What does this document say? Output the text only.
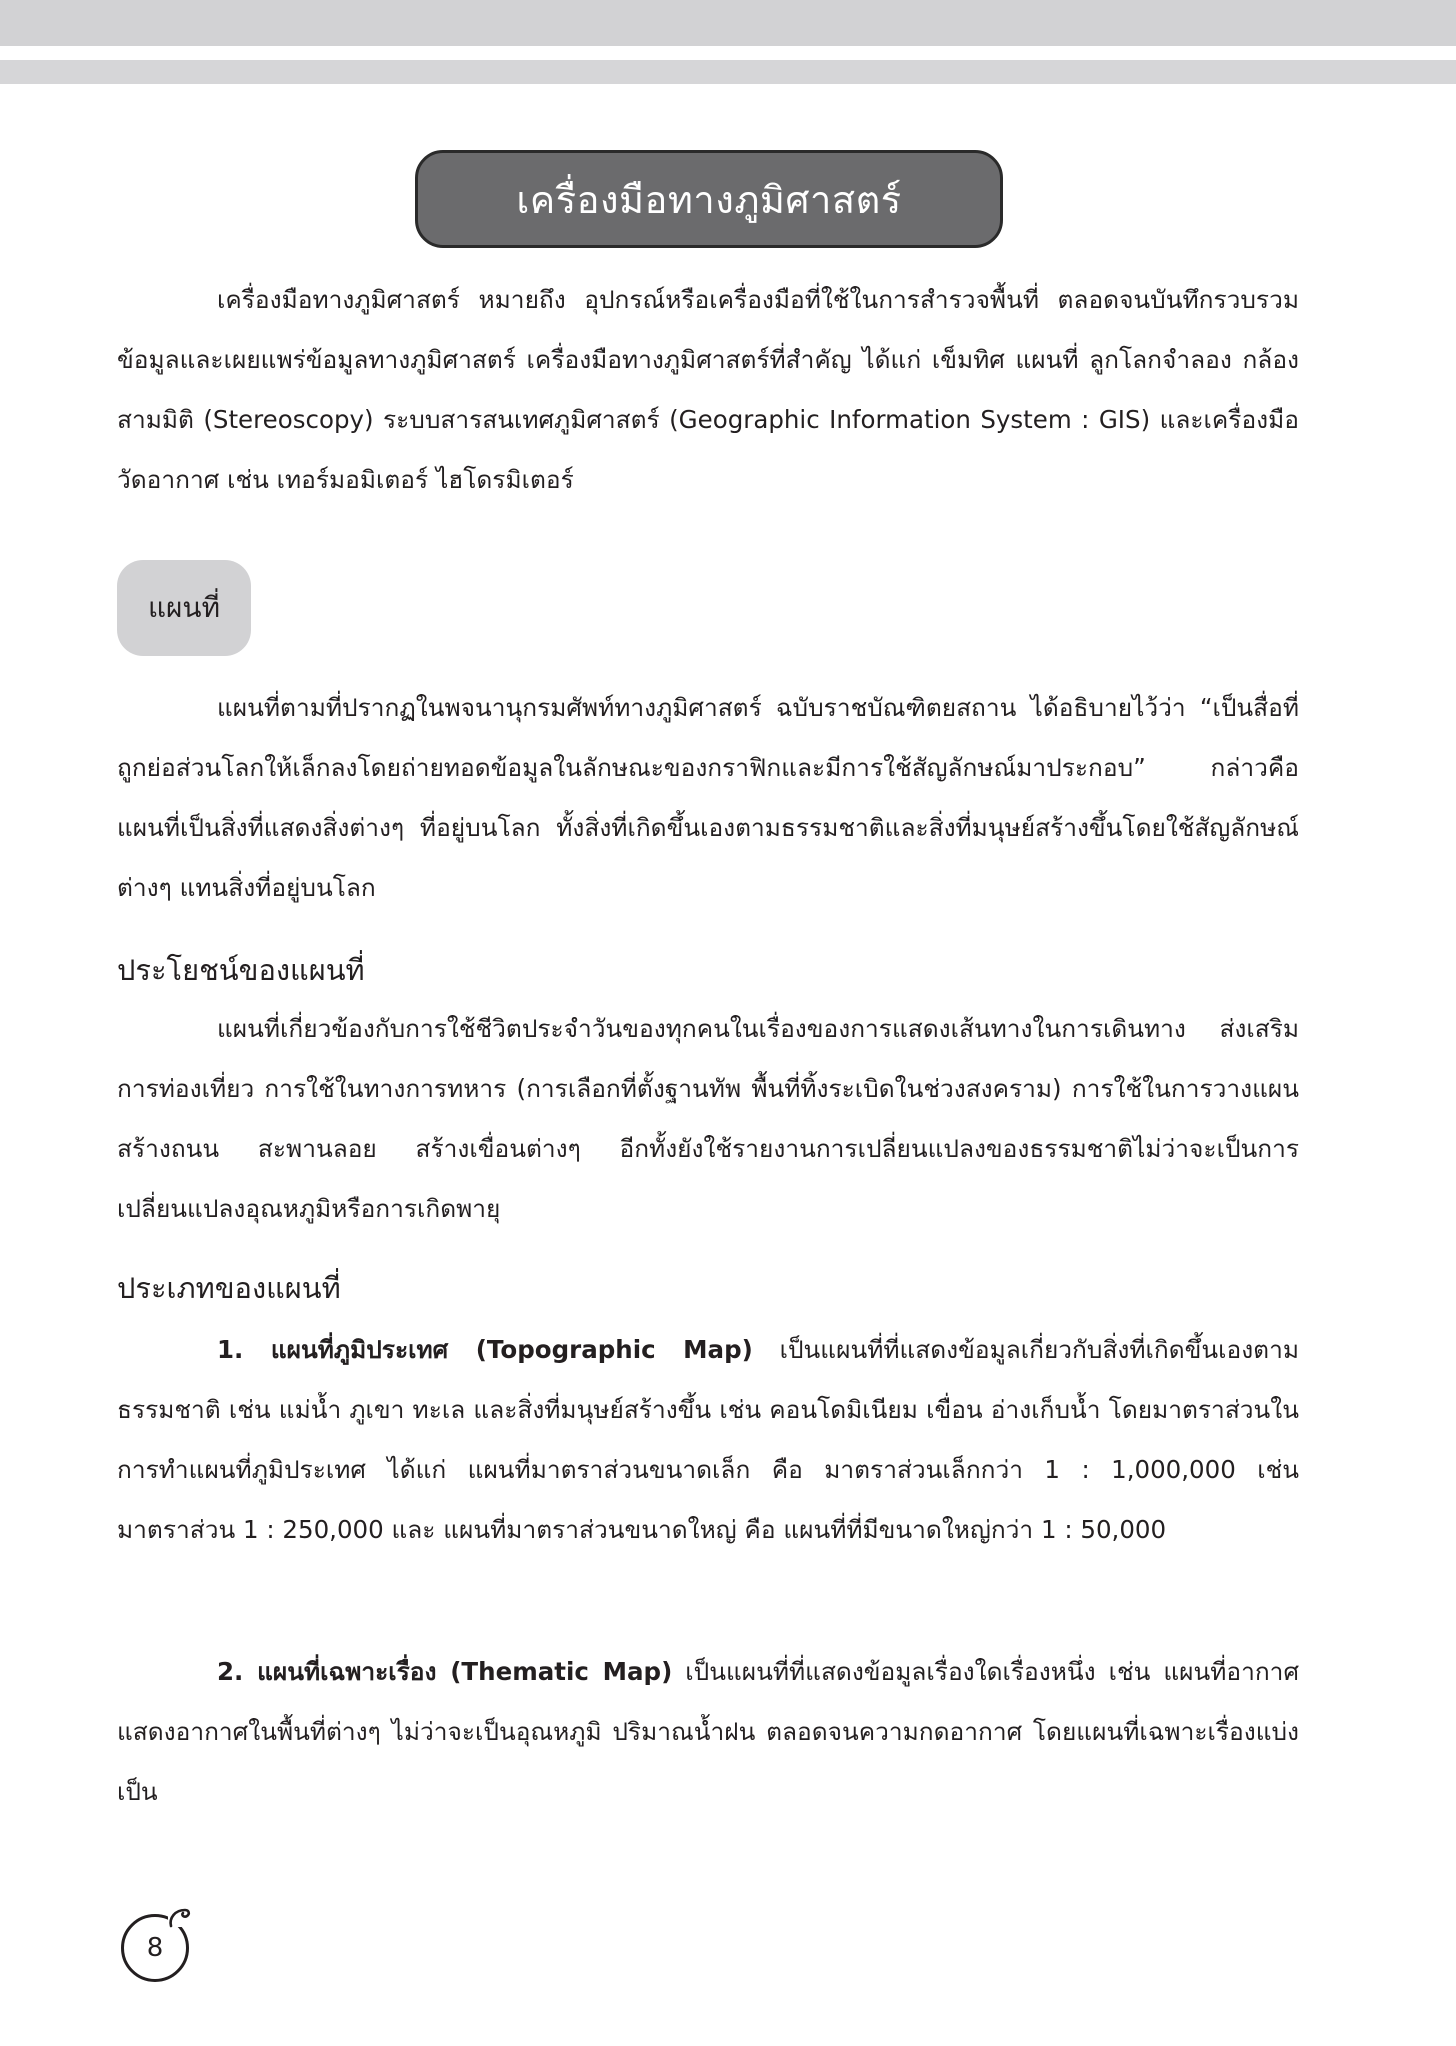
เครื่องมือทางภูมิศาสตร์

เครื่องมือทางภูมิศาสตร์ หมายถึง อุปกรณ์หรือเครื่องมือที่ใช้ในการสำรวจพื้นที่ ตลอดจนบันทึกรวบรวมข้อมูลและเผยแพร่ข้อมูลทางภูมิศาสตร์ เครื่องมือทางภูมิศาสตร์ที่สำคัญ ได้แก่ เข็มทิศ แผนที่ ลูกโลกจำลอง กล้องสามมิติ (Stereoscopy) ระบบสารสนเทศภูมิศาสตร์ (Geographic Information System : GIS) และเครื่องมือวัดอากาศ เช่น เทอร์มอมิเตอร์ ไฮโดรมิเตอร์

แผนที่

แผนที่ตามที่ปรากฏในพจนานุกรมศัพท์ทางภูมิศาสตร์ ฉบับราชบัณฑิตยสถาน ได้อธิบายไว้ว่า “เป็นสื่อที่ถูกย่อส่วนโลกให้เล็กลงโดยถ่ายทอดข้อมูลในลักษณะของกราฟิกและมีการใช้สัญลักษณ์มาประกอบ” กล่าวคือ แผนที่เป็นสิ่งที่แสดงสิ่งต่างๆ ที่อยู่บนโลก ทั้งสิ่งที่เกิดขึ้นเองตามธรรมชาติและสิ่งที่มนุษย์สร้างขึ้นโดยใช้สัญลักษณ์ต่างๆ แทนสิ่งที่อยู่บนโลก

ประโยชน์ของแผนที่

แผนที่เกี่ยวข้องกับการใช้ชีวิตประจำวันของทุกคนในเรื่องของการแสดงเส้นทางในการเดินทาง ส่งเสริมการท่องเที่ยว การใช้ในทางการทหาร (การเลือกที่ตั้งฐานทัพ พื้นที่ทิ้งระเบิดในช่วงสงคราม) การใช้ในการวางแผนสร้างถนน สะพานลอย สร้างเขื่อนต่างๆ อีกทั้งยังใช้รายงานการเปลี่ยนแปลงของธรรมชาติไม่ว่าจะเป็นการเปลี่ยนแปลงอุณหภูมิหรือการเกิดพายุ

ประเภทของแผนที่

1. แผนที่ภูมิประเทศ (Topographic Map) เป็นแผนที่ที่แสดงข้อมูลเกี่ยวกับสิ่งที่เกิดขึ้นเองตามธรรมชาติ เช่น แม่น้ำ ภูเขา ทะเล และสิ่งที่มนุษย์สร้างขึ้น เช่น คอนโดมิเนียม เขื่อน อ่างเก็บน้ำ โดยมาตราส่วนในการทำแผนที่ภูมิประเทศ ได้แก่ แผนที่มาตราส่วนขนาดเล็ก คือ มาตราส่วนเล็กกว่า 1 : 1,000,000 เช่น มาตราส่วน 1 : 250,000 และ แผนที่มาตราส่วนขนาดใหญ่ คือ แผนที่ที่มีขนาดใหญ่กว่า 1 : 50,000

2. แผนที่เฉพาะเรื่อง (Thematic Map) เป็นแผนที่ที่แสดงข้อมูลเรื่องใดเรื่องหนึ่ง เช่น แผนที่อากาศ แสดงอากาศในพื้นที่ต่างๆ ไม่ว่าจะเป็นอุณหภูมิ ปริมาณน้ำฝน ตลอดจนความกดอากาศ โดยแผนที่เฉพาะเรื่องแบ่งเป็น

8
